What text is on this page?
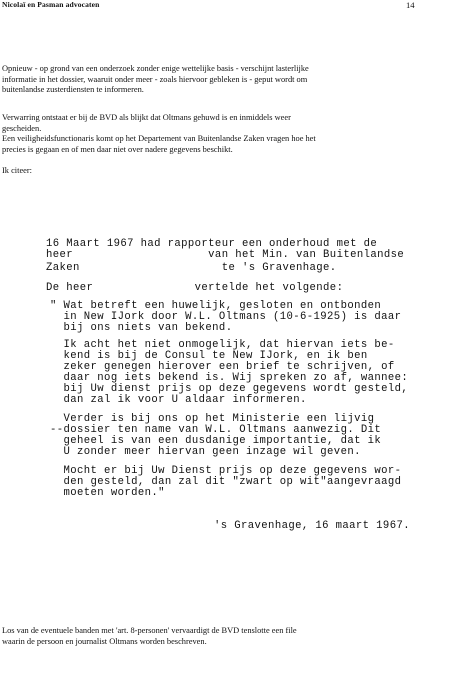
Nicolaï en Pasman advocaten	14
Opnieuw - op grond van een onderzoek zonder enige wettelijke basis - verschijnt lasterlijke
informatie in het dossier, waaruit onder meer - zoals hiervoor gebleken is - geput wordt om
buitenlandse zusterdiensten te informeren.
Verwarring ontstaat er bij de BVD als blijkt dat Oltmans gehuwd is en inmiddels weer
gescheiden.
Een veiligheidsfunctionaris komt op het Departement van Buitenlandse Zaken vragen hoe het
precies is gegaan en of men daar niet over nadere gegevens beschikt.
Ik citeer:
16 Maart 1967 had rapporteur een onderhoud met de
heer                    van het Min. van Buitenlandse
Zaken                     te 's Gravenhage.
De heer               vertelde het volgende:
" Wat betreft een huwelijk, gesloten en ontbonden
in New IJork door W.L. Oltmans (10-6-1925) is daar
bij ons niets van bekend.
Ik acht het niet onmogelijk, dat hiervan iets be-
kend is bij de Consul te New IJork, en ik ben
zeker genegen hierover een brief te schrijven, of
daar nog iets bekend is. Wij spreken zo af, wannee:
bij Uw dienst prijs op deze gegevens wordt gesteld,
dan zal ik voor U aldaar informeren.
Verder is bij ons op het Ministerie een lijvig
--dossier ten name van W.L. Oltmans aanwezig. Dit
geheel is van een dusdanige importantie, dat ik
U zonder meer hiervan geen inzage wil geven.
Mocht er bij Uw Dienst prijs op deze gegevens wor-
den gesteld, dan zal dit "zwart op wit"aangevraagd
moeten worden."
's Gravenhage, 16 maart 1967.
Los van de eventuele banden met 'art. 8-personen' vervaardigt de BVD tenslotte een file
waarin de persoon en journalist Oltmans worden beschreven.
